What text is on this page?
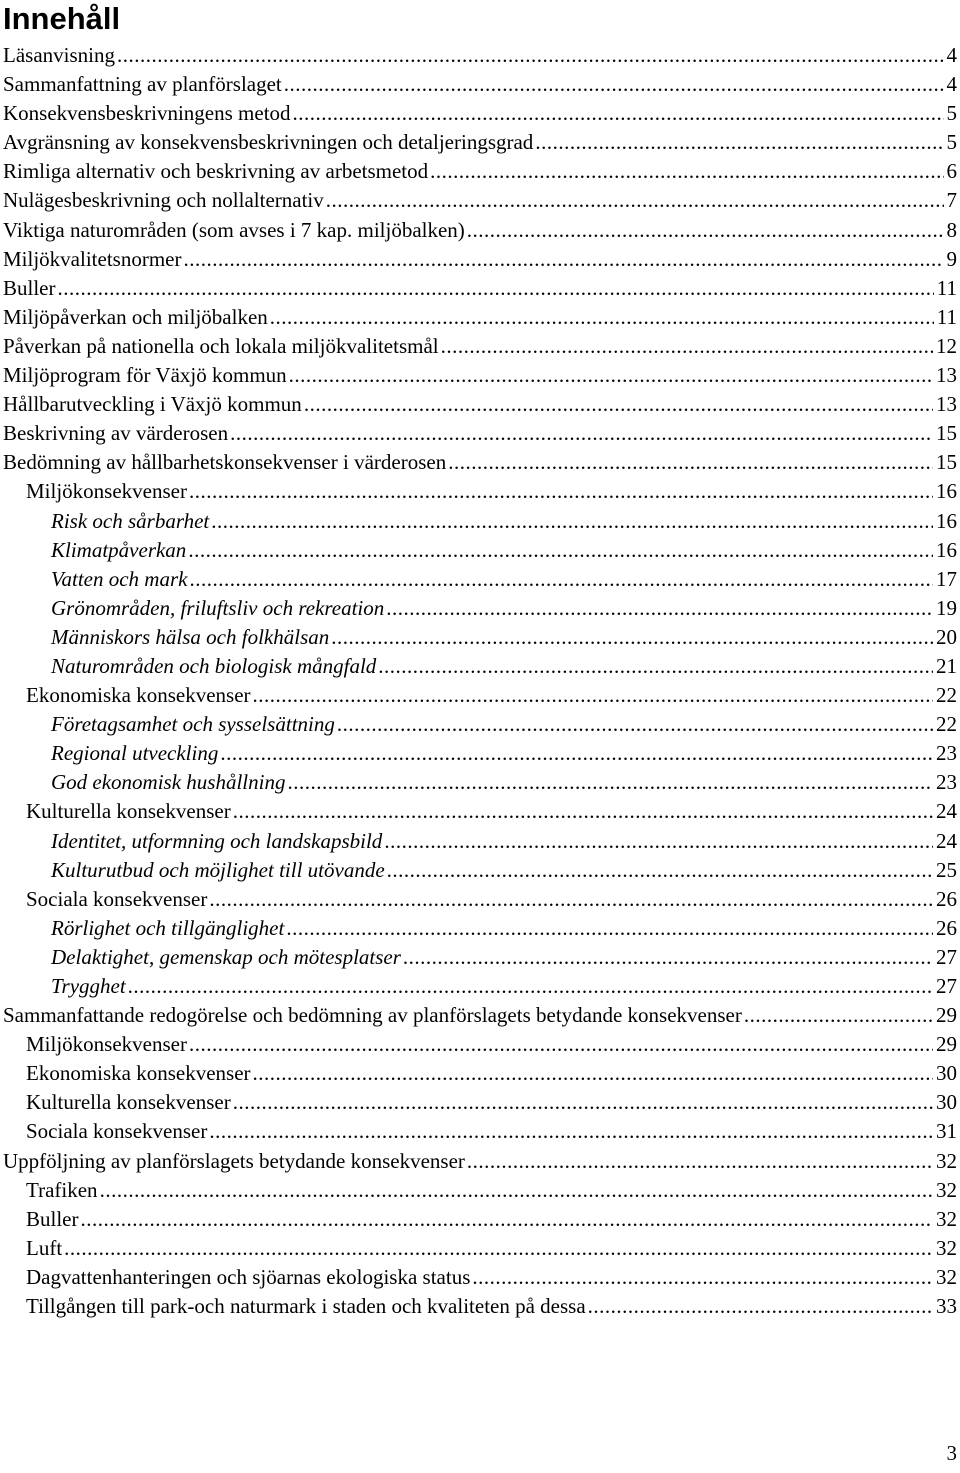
Innehåll
Läsanvisning .....	4
Sammanfattning av planförslaget .....	4
Konsekvensbeskrivningens metod .....	5
Avgränsning av konsekvensbeskrivningen och detaljeringsgrad .....	5
Rimliga alternativ och beskrivning av arbetsmetod .....	6
Nulägesbeskrivning och nollalternativ .....	7
Viktiga naturområden (som avses i 7 kap. miljöbalken) .....	8
Miljökvalitetsnormer .....	9
Buller .....	11
Miljöpåverkan och miljöbalken .....	11
Påverkan på nationella och lokala miljökvalitetsmål .....	12
Miljöprogram för Växjö kommun .....	13
Hållbarutveckling i Växjö kommun .....	13
Beskrivning av värderosen .....	15
Bedömning av hållbarhetskonsekvenser i värderosen .....	15
Miljökonsekvenser .....	16
Risk och sårbarhet .....	16
Klimatpåverkan .....	16
Vatten och mark .....	17
Grönområden, friluftsliv och rekreation .....	19
Människors hälsa och folkhälsan .....	20
Naturområden och biologisk mångfald .....	21
Ekonomiska konsekvenser .....	22
Företagsamhet och sysselsättning .....	22
Regional utveckling .....	23
God ekonomisk hushållning .....	23
Kulturella konsekvenser .....	24
Identitet, utformning och landskapsbild .....	24
Kulturutbud och möjlighet till utövande .....	25
Sociala konsekvenser .....	26
Rörlighet och tillgänglighet .....	26
Delaktighet, gemenskap och mötesplatser .....	27
Trygghet .....	27
Sammanfattande redogörelse och bedömning av planförslagets betydande konsekvenser .....	29
Miljökonsekvenser .....	29
Ekonomiska konsekvenser .....	30
Kulturella konsekvenser .....	30
Sociala konsekvenser .....	31
Uppföljning av planförslagets betydande konsekvenser .....	32
Trafiken .....	32
Buller .....	32
Luft .....	32
Dagvattenhanteringen och sjöarnas ekologiska status .....	32
Tillgången till park-och naturmark i staden och kvaliteten på dessa .....	33
3
